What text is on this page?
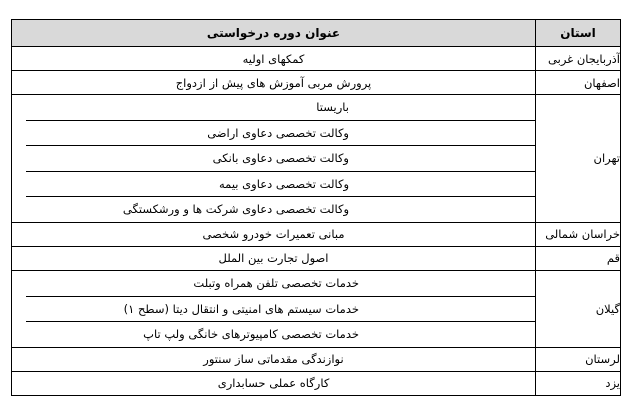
استان	عنوان دوره درخواستی
آذربایجان غربی	کمکهای اولیه
اصفهان	پرورش مربی آموزش های پیش از ازدواج
تهران	باریستا
وکالت تخصصی دعاوی اراضی
وکالت تخصصی دعاوی بانکی
وکالت تخصصی دعاوی بیمه
وکالت تخصصی دعاوی شرکت ها و ورشکستگی

خراسان شمالی	مبانی تعمیرات خودرو شخصی
قم	اصول تجارت بین الملل
گیلان	خدمات تخصصی تلفن همراه وتبلت
خدمات سیستم های امنیتی و انتقال دیتا (سطح ۱)
خدمات تخصصی کامپیوترهای خانگی ولپ تاپ

لرستان	نوازندگی مقدماتی ساز سنتور
یزد	کارگاه عملی حسابداری
